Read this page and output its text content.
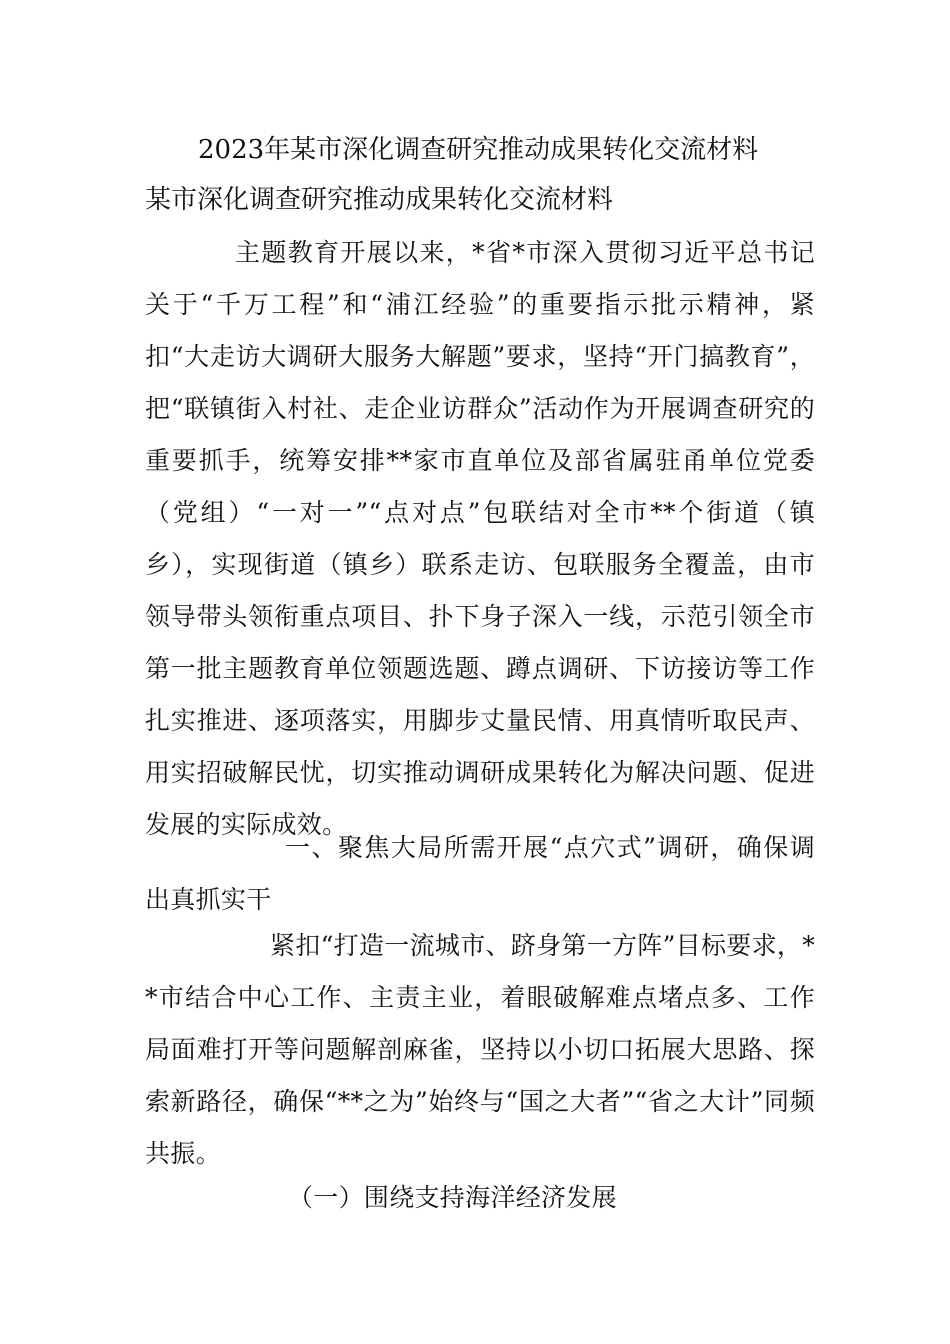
2023年某市深化调查研究推动成果转化交流材料
某市深化调查研究推动成果转化交流材料
主题教育开展以来，*省*市深入贯彻习近平总书记关于“千万工程”和“浦江经验”的重要指示批示精神，紧扣“大走访大调研大服务大解题”要求，坚持“开门搞教育”，把“联镇街入村社、走企业访群众”活动作为开展调查研究的重要抓手，统筹安排**家市直单位及部省属驻甬单位党委（党组）“一对一”“点对点”包联结对全市**个街道（镇乡），实现街道（镇乡）联系走访、包联服务全覆盖，由市领导带头领衔重点项目、扑下身子深入一线，示范引领全市第一批主题教育单位领题选题、蹲点调研、下访接访等工作扎实推进、逐项落实，用脚步丈量民情、用真情听取民声、用实招破解民忧，切实推动调研成果转化为解决问题、促进发展的实际成效。
一、聚焦大局所需开展“点穴式”调研，确保调出真抓实干
紧扣“打造一流城市、跻身第一方阵”目标要求，**市结合中心工作、主责主业，着眼破解难点堵点多、工作局面难打开等问题解剖麻雀，坚持以小切口拓展大思路、探索新路径，确保“**之为”始终与“国之大者”“省之大计”同频共振。
（一）围绕支持海洋经济发展
